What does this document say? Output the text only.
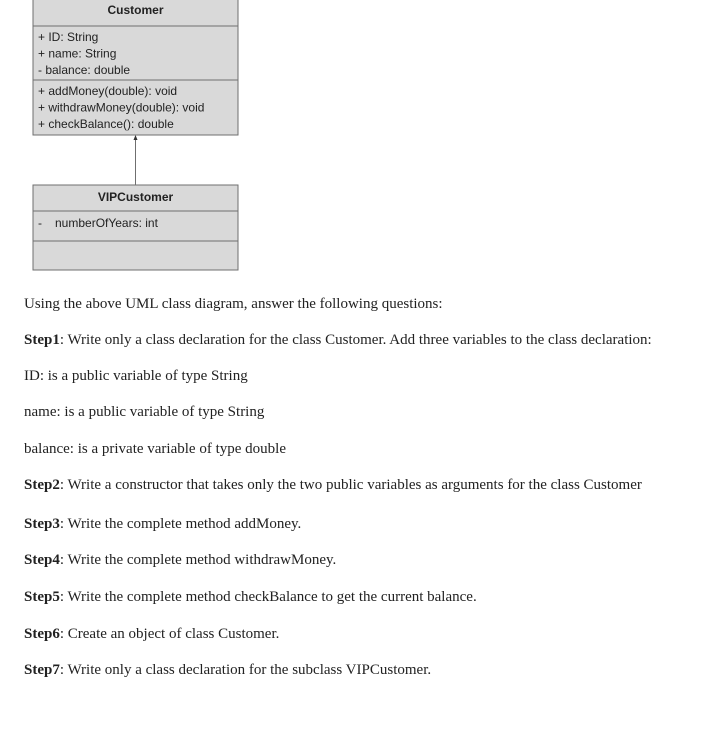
Customer
+ ID: String
+ name: String
- balance: double
+ addMoney(double): void
+ withdrawMoney(double): void
+ checkBalance(): double
VIPCustomer
- numberOfYears: int

Using the above UML class diagram, answer the following questions:

Step1: Write only a class declaration for the class Customer. Add three variables to the class declaration:

ID: is a public variable of type String

name: is a public variable of type String

balance: is a private variable of type double

Step2: Write a constructor that takes only the two public variables as arguments for the class Customer

Step3: Write the complete method addMoney.

Step4: Write the complete method withdrawMoney.

Step5: Write the complete method checkBalance to get the current balance.

Step6: Create an object of class Customer.

Step7: Write only a class declaration for the subclass VIPCustomer.
